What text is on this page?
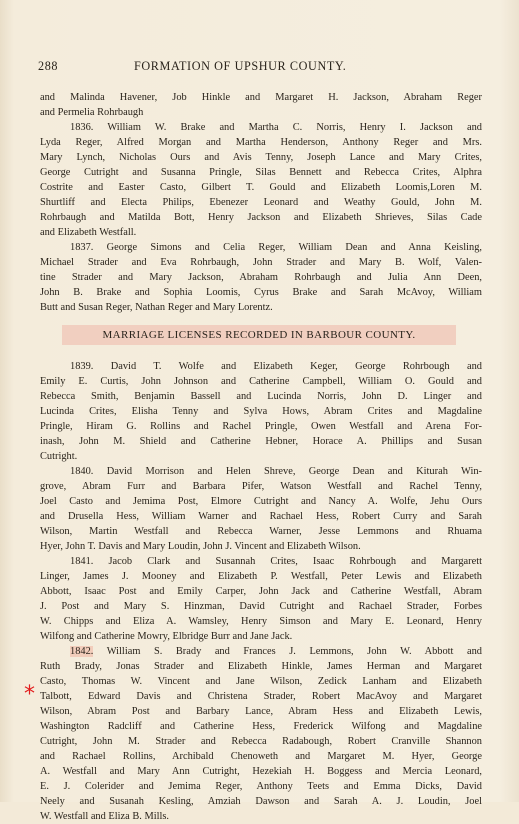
288	FORMATION OF UPSHUR COUNTY.
and Malinda Havener, Job Hinkle and Margaret H. Jackson, Abraham Reger
and Permelia Rohrbaugh
1836. William W. Brake and Martha C. Norris, Henry I. Jackson and
Lyda Reger, Alfred Morgan and Martha Henderson, Anthony Reger and Mrs.
Mary Lynch, Nicholas Ours and Avis Tenny, Joseph Lance and Mary Crites,
George Cutright and Susanna Pringle, Silas Bennett and Rebecca Crites, Alphra
Costrite and Easter Casto, Gilbert T. Gould and Elizabeth Loomis,Loren M.
Shurtliff and Electa Philips, Ebenezer Leonard and Weathy Gould, John M.
Rohrbaugh and Matilda Bott, Henry Jackson and Elizabeth Shrieves, Silas Cade
and Elizabeth Westfall.
1837. George Simons and Celia Reger, William Dean and Anna Keisling,
Michael Strader and Eva Rohrbaugh, John Strader and Mary B. Wolf, Valen-
tine Strader and Mary Jackson, Abraham Rohrbaugh and Julia Ann Deen,
John B. Brake and Sophia Loomis, Cyrus Brake and Sarah McAvoy, William
Butt and Susan Reger, Nathan Reger and Mary Lorentz.
MARRIAGE LICENSES RECORDED IN BARBOUR COUNTY.
1839. David T. Wolfe and Elizabeth Keger, George Rohrbough and
Emily E. Curtis, John Johnson and Catherine Campbell, William O. Gould and
Rebecca Smith, Benjamin Bassell and Lucinda Norris, John D. Linger and
Lucinda Crites, Elisha Tenny and Sylva Hows, Abram Crites and Magdaline
Pringle, Hiram G. Rollins and Rachel Pringle, Owen Westfall and Arena For-
inash, John M. Shield and Catherine Hebner, Horace A. Phillips and Susan
Cutright.
1840. David Morrison and Helen Shreve, George Dean and Kiturah Win-
grove, Abram Furr and Barbara Pifer, Watson Westfall and Rachel Tenny,
Joel Casto and Jemima Post, Elmore Cutright and Nancy A. Wolfe, Jehu Ours
and Drusella Hess, William Warner and Rachael Hess, Robert Curry and Sarah
Wilson, Martin Westfall and Rebecca Warner, Jesse Lemmons and Rhuama
Hyer, John T. Davis and Mary Loudin, John J. Vincent and Elizabeth Wilson.
1841. Jacob Clark and Susannah Crites, Isaac Rohrbough and Margarett
Linger, James J. Mooney and Elizabeth P. Westfall, Peter Lewis and Elizabeth
Abbott, Isaac Post and Emily Carper, John Jack and Catherine Westfall, Abram
J. Post and Mary S. Hinzman, David Cutright and Rachael Strader, Forbes
W. Chipps and Eliza A. Wamsley, Henry Simson and Mary E. Leonard, Henry
Wilfong and Catherine Mowry, Elbridge Burr and Jane Jack.
1842. William S. Brady and Frances J. Lemmons, John W. Abbott and
Ruth Brady, Jonas Strader and Elizabeth Hinkle, James Herman and Margaret
Casto, Thomas W. Vincent and Jane Wilson, Zedick Lanham and Elizabeth
Talbott, Edward Davis and Christena Strader, Robert MacAvoy and Margaret
Wilson, Abram Post and Barbary Lance, Abram Hess and Elizabeth Lewis,
Washington Radcliff and Catherine Hess, Frederick Wilfong and Magdaline
Cutright, John M. Strader and Rebecca Radabough, Robert Cranville Shannon
and Rachael Rollins, Archibald Chenoweth and Margaret M. Hyer, George
A. Westfall and Mary Ann Cutright, Hezekiah H. Boggess and Mercia Leonard,
E. J. Colerider and Jemima Reger, Anthony Teets and Emma Dicks, David
Neely and Susanah Kesling, Amziah Dawson and Sarah A. J. Loudin, Joel
W. Westfall and Eliza B. Mills.
*
